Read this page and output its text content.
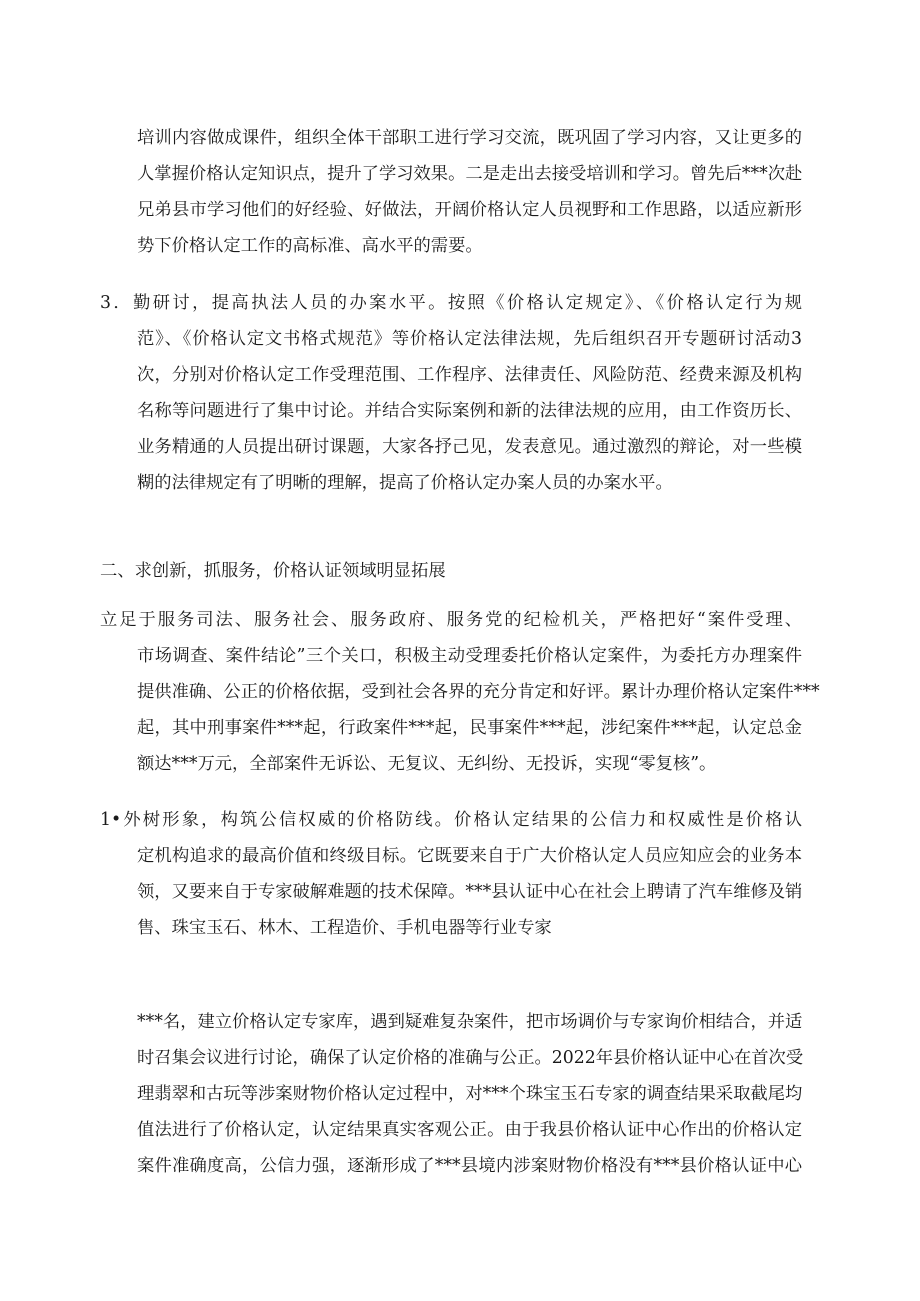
培训内容做成课件，组织全体干部职工进行学习交流，既巩固了学习内容，又让更多的
人掌握价格认定知识点，提升了学习效果。二是走出去接受培训和学习。曾先后***次赴
兄弟县市学习他们的好经验、好做法，开阔价格认定人员视野和工作思路，以适应新形
势下价格认定工作的高标准、高水平的需要。
3．勤研讨，提高执法人员的办案水平。按照《价格认定规定》、《价格认定行为规
范》、《价格认定文书格式规范》等价格认定法律法规，先后组织召开专题研讨活动3
次，分别对价格认定工作受理范围、工作程序、法律责任、风险防范、经费来源及机构
名称等问题进行了集中讨论。并结合实际案例和新的法律法规的应用，由工作资历长、
业务精通的人员提出研讨课题，大家各抒己见，发表意见。通过激烈的辩论，对一些模
糊的法律规定有了明晰的理解，提高了价格认定办案人员的办案水平。
二、求创新，抓服务，价格认证领域明显拓展
立足于服务司法、服务社会、服务政府、服务党的纪检机关，严格把好“案件受理、
市场调查、案件结论”三个关口，积极主动受理委托价格认定案件，为委托方办理案件
提供准确、公正的价格依据，受到社会各界的充分肯定和好评。累计办理价格认定案件***
起，其中刑事案件***起，行政案件***起，民事案件***起，涉纪案件***起，认定总金
额达***万元，全部案件无诉讼、无复议、无纠纷、无投诉，实现“零复核”。
1•外树形象，构筑公信权威的价格防线。价格认定结果的公信力和权威性是价格认
定机构追求的最高价值和终级目标。它既要来自于广大价格认定人员应知应会的业务本
领，又要来自于专家破解难题的技术保障。***县认证中心在社会上聘请了汽车维修及销
售、珠宝玉石、林木、工程造价、手机电器等行业专家
***名，建立价格认定专家库，遇到疑难复杂案件，把市场调价与专家询价相结合，并适
时召集会议进行讨论，确保了认定价格的准确与公正。2022年县价格认证中心在首次受
理翡翠和古玩等涉案财物价格认定过程中，对***个珠宝玉石专家的调查结果采取截尾均
值法进行了价格认定，认定结果真实客观公正。由于我县价格认证中心作出的价格认定
案件准确度高，公信力强，逐渐形成了***县境内涉案财物价格没有***县价格认证中心
